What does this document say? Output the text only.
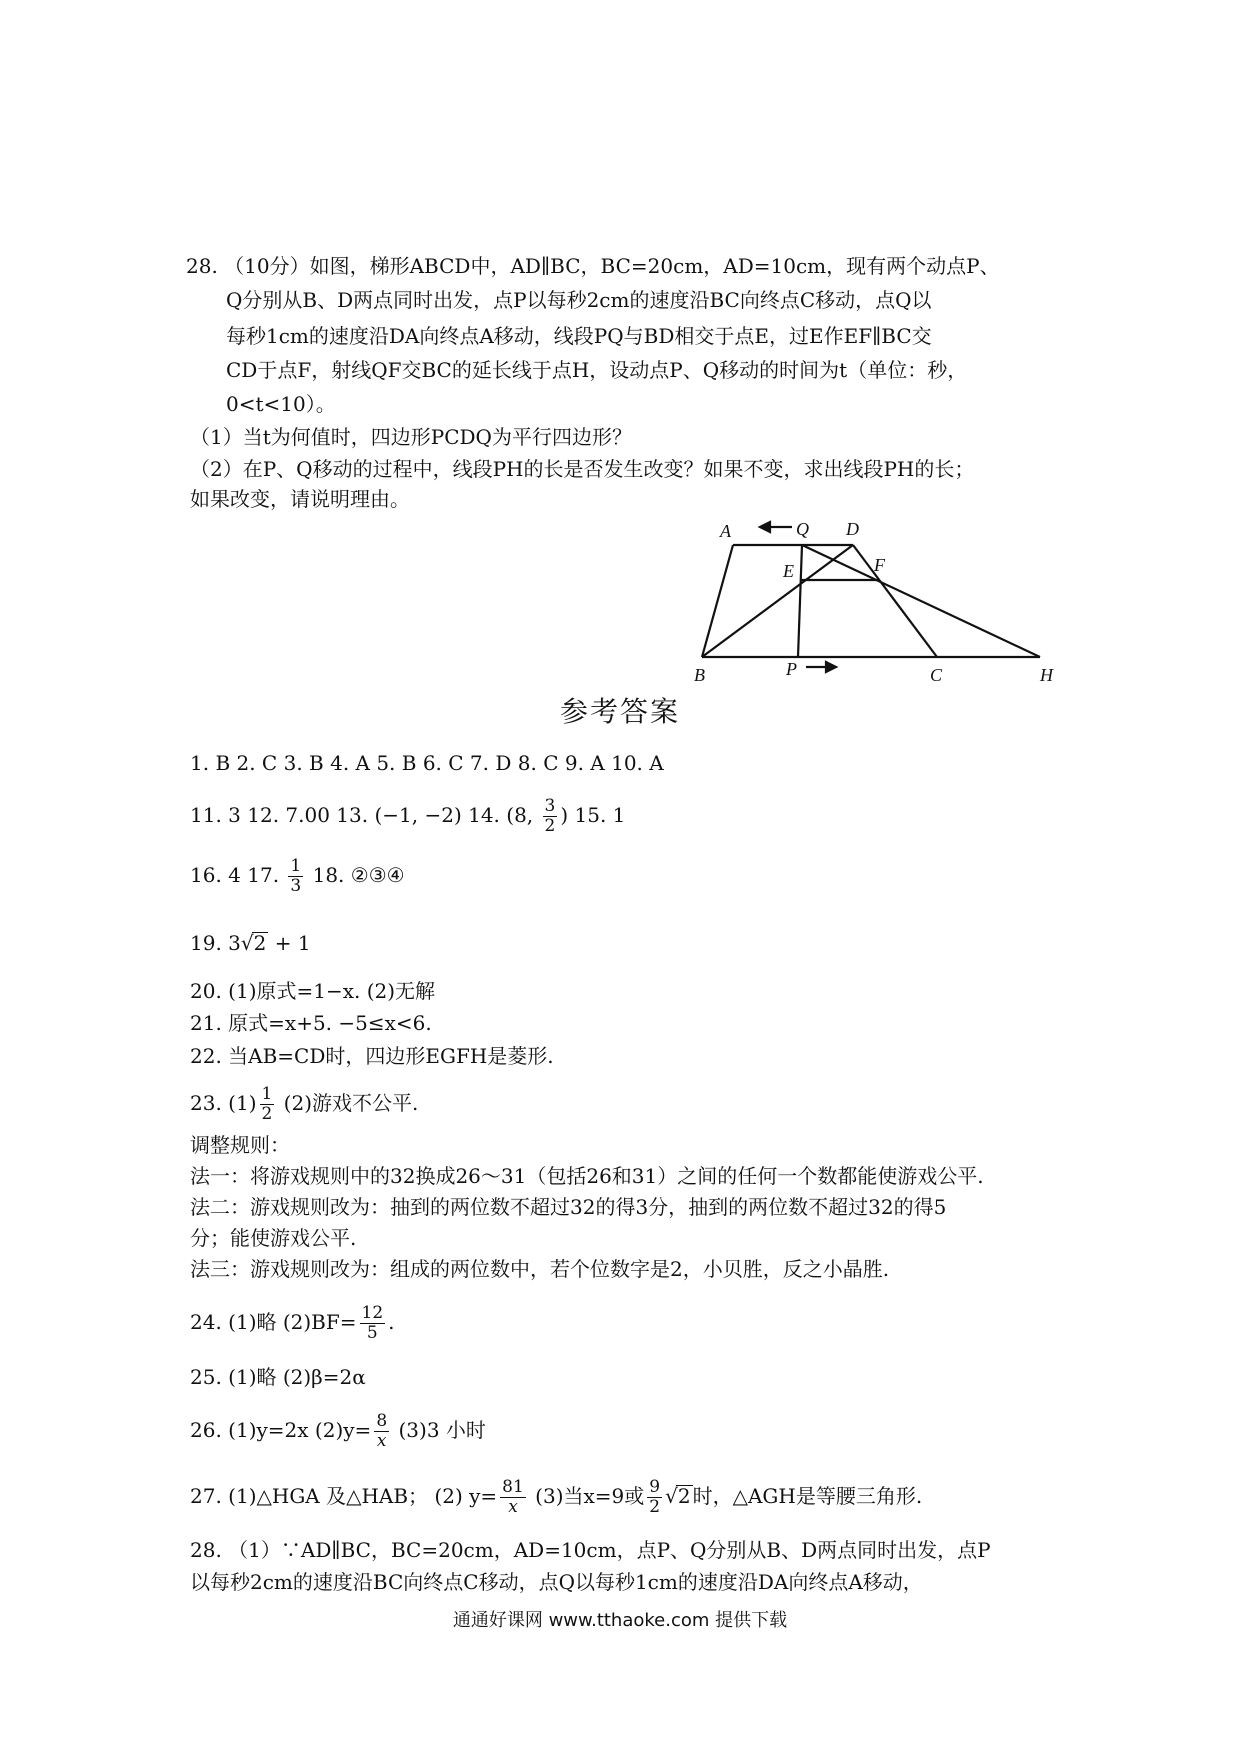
28. （10分）如图，梯形ABCD中，AD∥BC，BC=20cm，AD=10cm，现有两个动点P、
Q分别从B、D两点同时出发，点P以每秒2cm的速度沿BC向终点C移动，点Q以
每秒1cm的速度沿DA向终点A移动，线段PQ与BD相交于点E，过E作EF∥BC交
CD于点F，射线QF交BC的延长线于点H，设动点P、Q移动的时间为t（单位：秒，
0<t<10）。
（1）当t为何值时，四边形PCDQ为平行四边形？
（2）在P、Q移动的过程中，线段PH的长是否发生改变？如果不变，求出线段PH的长；
如果改变，请说明理由。
A	Q D
E	F
B	P	C	H
参考答案
1. B 2. C 3. B 4. A 5. B 6. C 7. D 8. C 9. A 10. A
11. 3 12. 7.00 13. (−1, −2) 14. (8, $\frac{3}{2}$ ) 15. 1
16. 4 17. $\frac{1}{3} 18$. ②③④
19. 3√2 + 1
20. (1)原式=1−x. (2)无解
21. 原式=x+5. −5≤x<6.
22. 当AB=CD时，四边形EGFH是菱形.
23. $(1) \frac{1}{2} (2)$游戏不公平.
调整规则：
法一：将游戏规则中的32换成26～31（包括26和31）之间的任何一个数都能使游戏公平.
法二：游戏规则改为：抽到的两位数不超过32的得3分，抽到的两位数不超过32的得5
分；能使游戏公平.
法三：游戏规则改为：组成的两位数中，若个位数字是2，小贝胜，反之小晶胜.
24. (1)略 $(2)BF= \frac{12}{5}$ .
25. (1)略 (2)β=2α
26. (1)y=2x $(2)y= \frac{8}{x} (3)3$ 小时
27. (1)△HGA 及△HAB； (2) $y= \frac{81}{x} (3)$当x=9或 $\frac{9}{2} √2$ 时，△AGH是等腰三角形.
28. （1）∵AD∥BC，BC=20cm，AD=10cm，点P、Q分别从B、D两点同时出发，点P
以每秒2cm的速度沿BC向终点C移动，点Q以每秒1cm的速度沿DA向终点A移动，
通通好课网 www.tthaoke.com 提供下载
